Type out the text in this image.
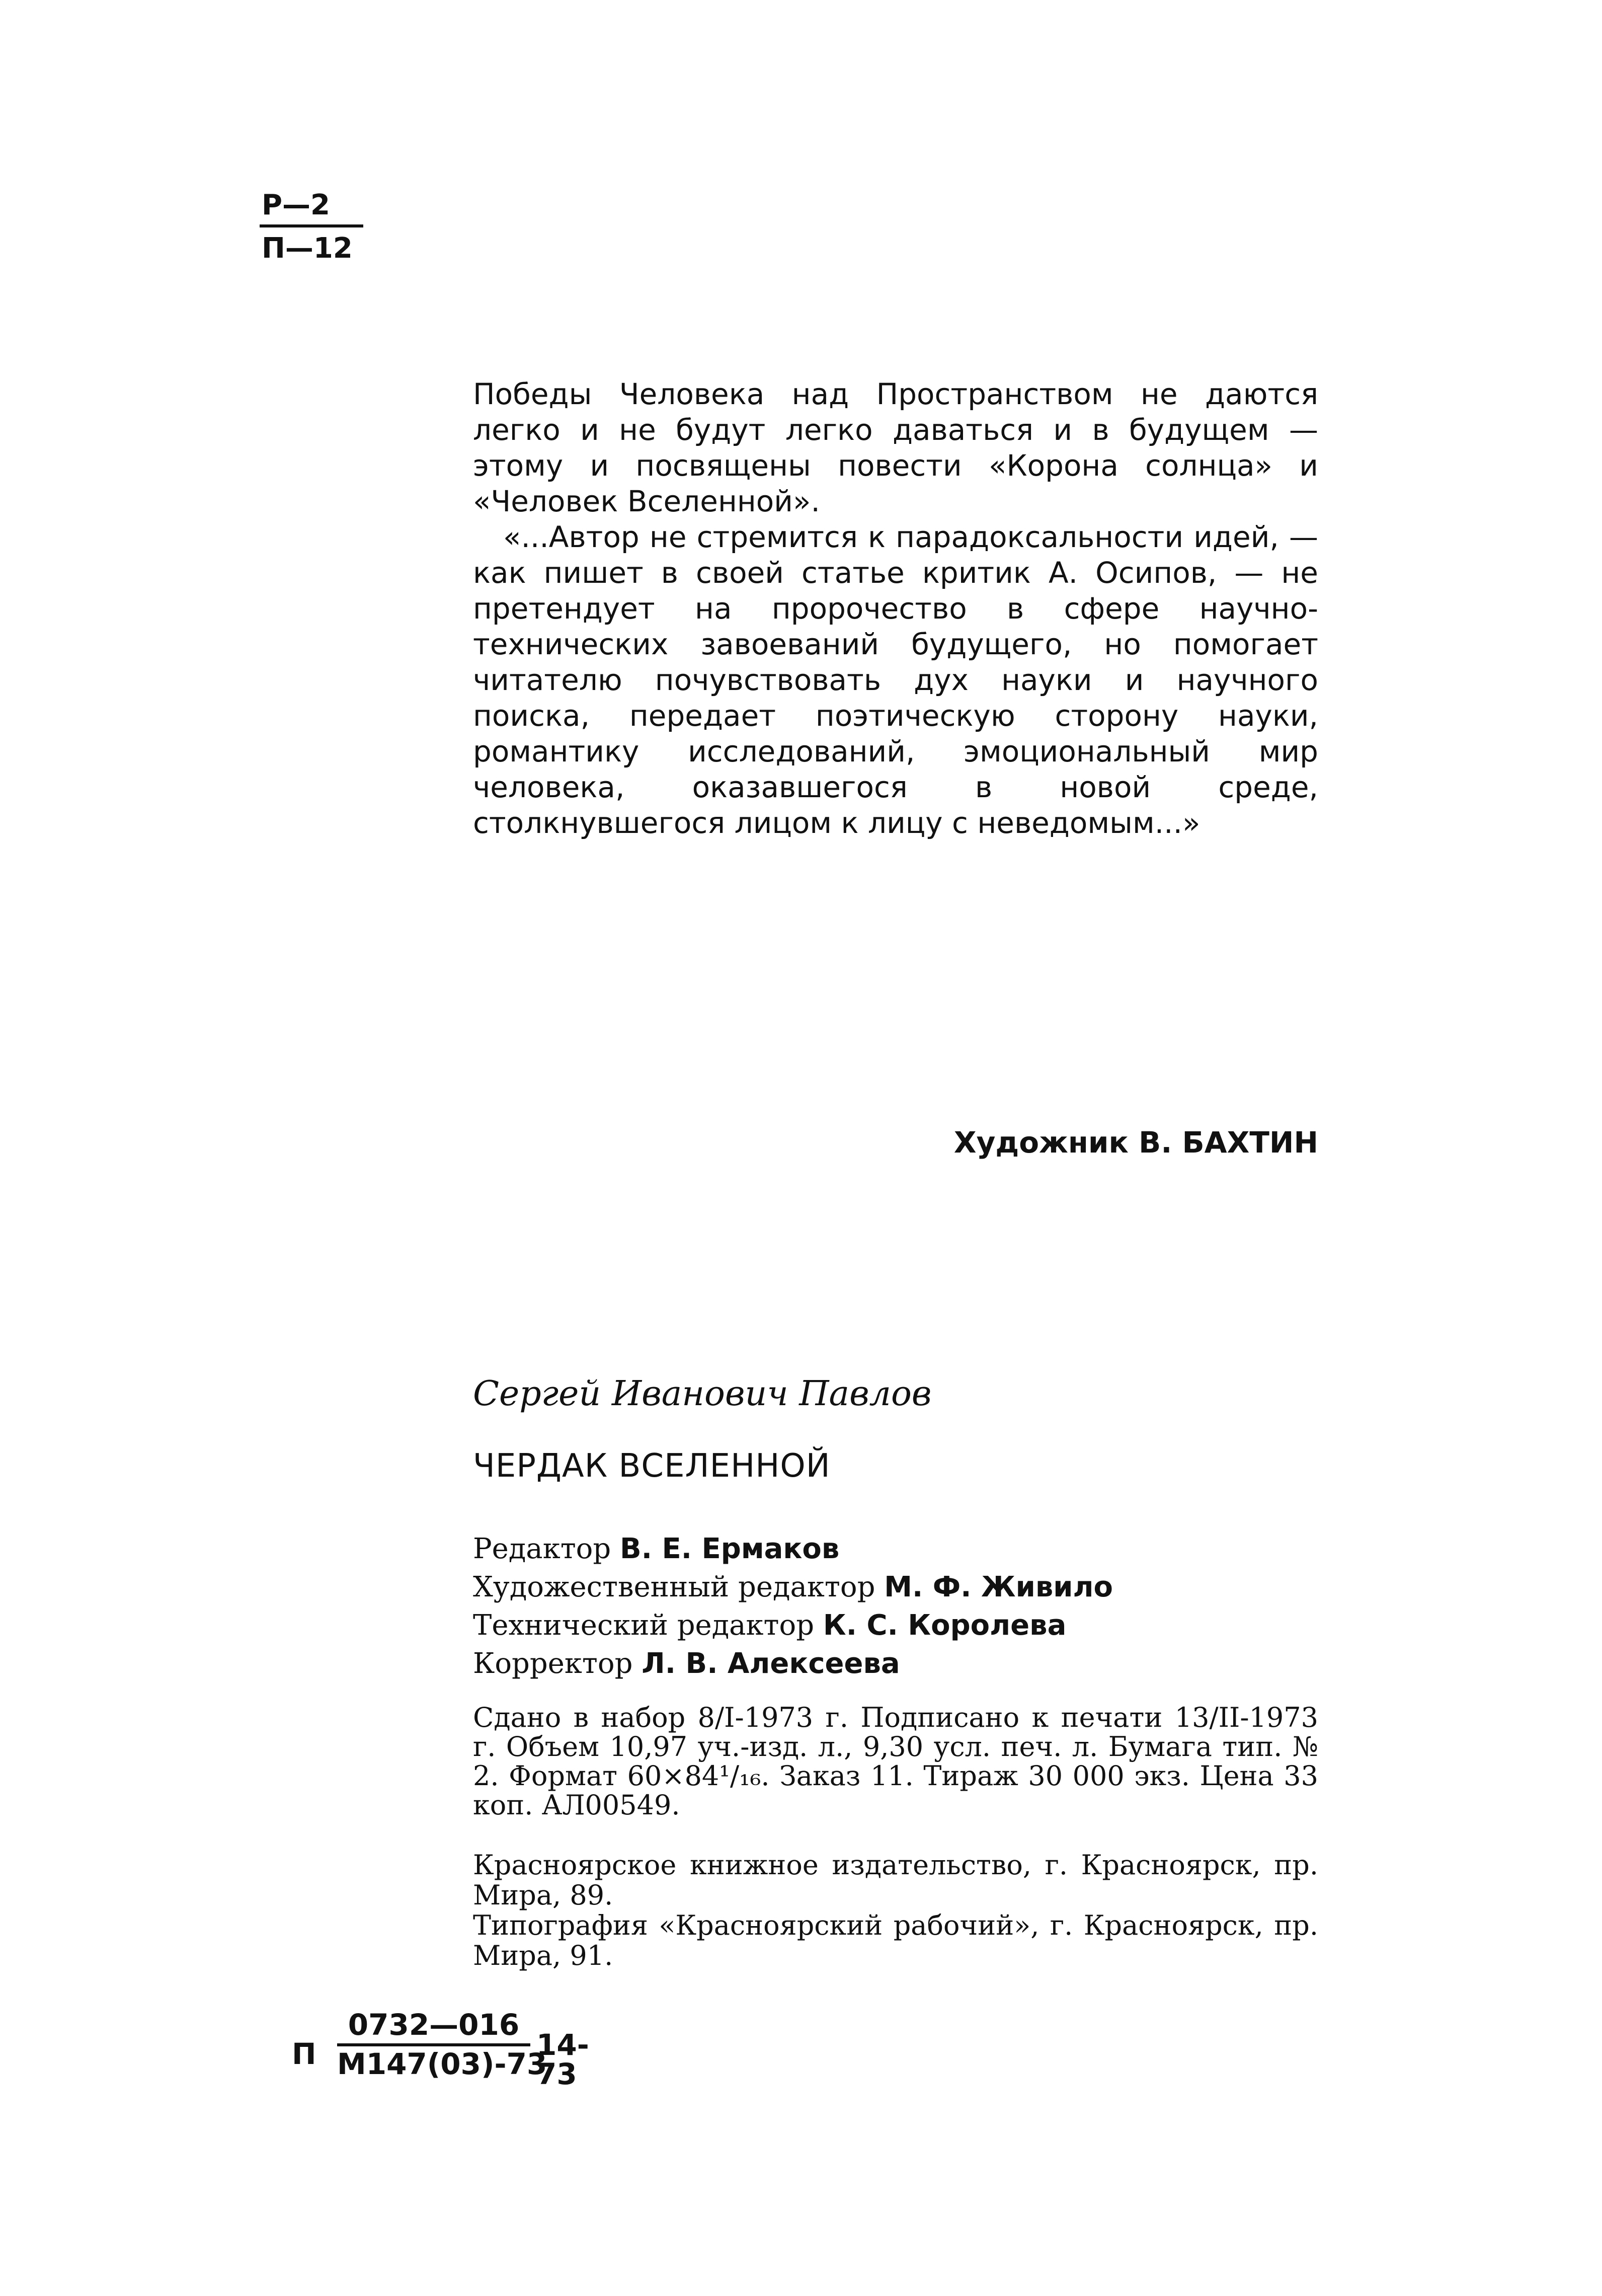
Р—2
П—12

Победы Человека над Пространством не даются легко и не будут легко даваться и в будущем — этому и посвящены повести «Корона солнца» и «Человек Вселенной».

«...Автор не стремится к парадоксальности идей, — как пишет в своей статье критик А. Осипов, — не претендует на пророчество в сфере научно-технических завоеваний будущего, но помогает читателю почувствовать дух науки и научного поиска, передает поэтическую сторону науки, романтику исследований, эмоциональный мир человека, оказавшегося в новой среде, столкнувшегося лицом к лицу с неведомым...»

Художник В. БАХТИН
Сергей Иванович Павлов
ЧЕРДАК ВСЕЛЕННОЙ
Редактор В. Е. Ермаков
Художественный редактор М. Ф. Живило
Технический редактор К. С. Королева
Корректор Л. В. Алексеева
Сдано в набор 8/I-1973 г. Подписано к печати 13/II-1973 г. Объем 10,97 уч.-изд. л., 9,30 усл. печ. л. Бумага тип. № 2. Формат 60×84¹/₁₆. Заказ 11. Тираж 30 000 экз. Цена 33 коп. АЛ00549.

Красноярское книжное издательство, г. Красноярск, пр. Мира, 89.

Типография «Красноярский рабочий», г. Красноярск, пр. Мира, 91.

П
0732—016
М147(03)-73
14-73
